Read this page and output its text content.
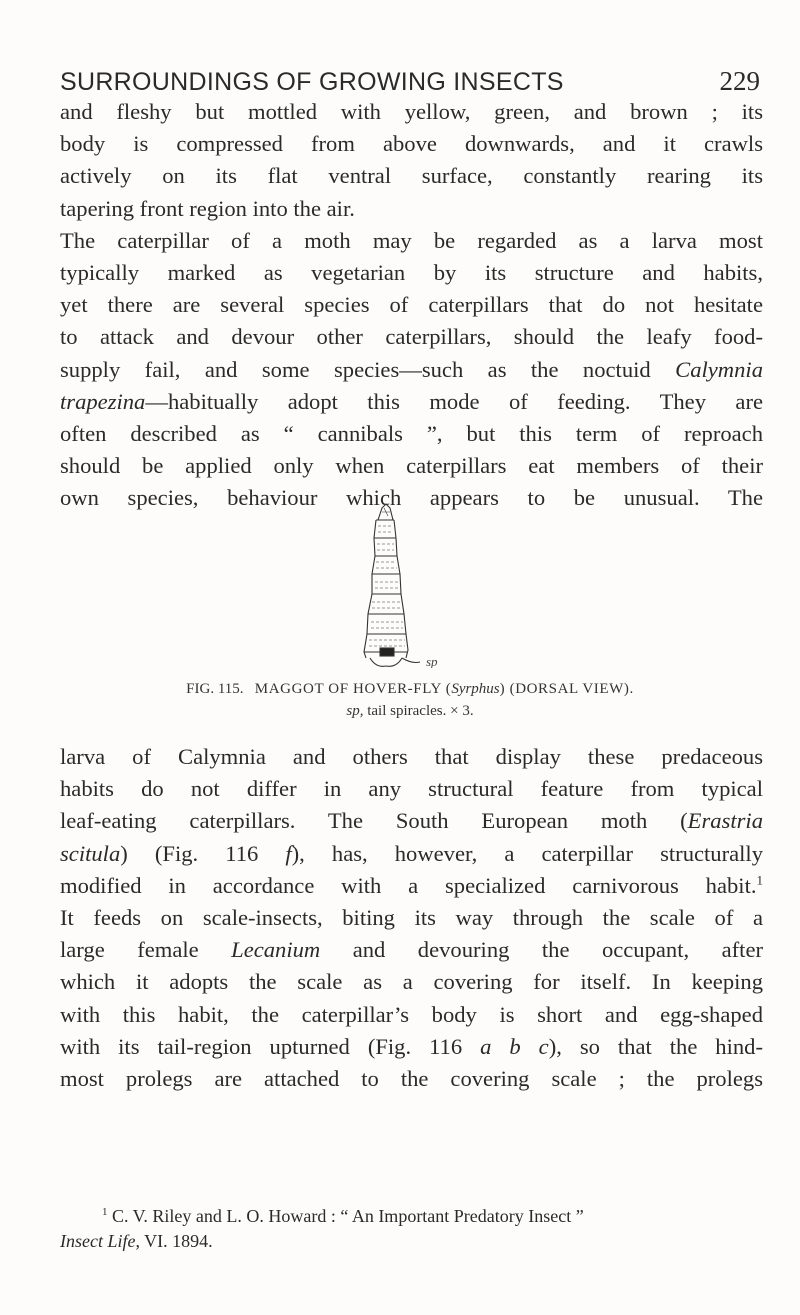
SURROUNDINGS OF GROWING INSECTS	229
and fleshy but mottled with yellow, green, and brown ; its
body is compressed from above downwards, and it crawls
actively on its flat ventral surface, constantly rearing its
tapering front region into the air.
The caterpillar of a moth may be regarded as a larva most
typically marked as vegetarian by its structure and habits,
yet there are several species of caterpillars that do not hesitate
to attack and devour other caterpillars, should the leafy food-
supply fail, and some species—such as the noctuid Calymnia
trapezina—habitually adopt this mode of feeding. They are
often described as “ cannibals ”, but this term of reproach
should be applied only when caterpillars eat members of their
own species, behaviour which appears to be unusual. The
sp
FIG. 115. MAGGOT OF HOVER-FLY (Syrphus) (DORSAL VIEW).
sp, tail spiracles. × 3.
larva of Calymnia and others that display these predaceous
habits do not differ in any structural feature from typical
leaf-eating caterpillars. The South European moth (Erastria
scitula) (Fig. 116 f), has, however, a caterpillar structurally
modified in accordance with a specialized carnivorous habit.$^1$
It feeds on scale-insects, biting its way through the scale of a
large female Lecanium and devouring the occupant, after
which it adopts the scale as a covering for itself. In keeping
with this habit, the caterpillar’s body is short and egg-shaped
with its tail-region upturned (Fig. 116 a b c), so that the hind-
most prolegs are attached to the covering scale ; the prolegs
$^1$ C. V. Riley and L. O. Howard : “ An Important Predatory Insect ”
Insect Life, VI. 1894.
